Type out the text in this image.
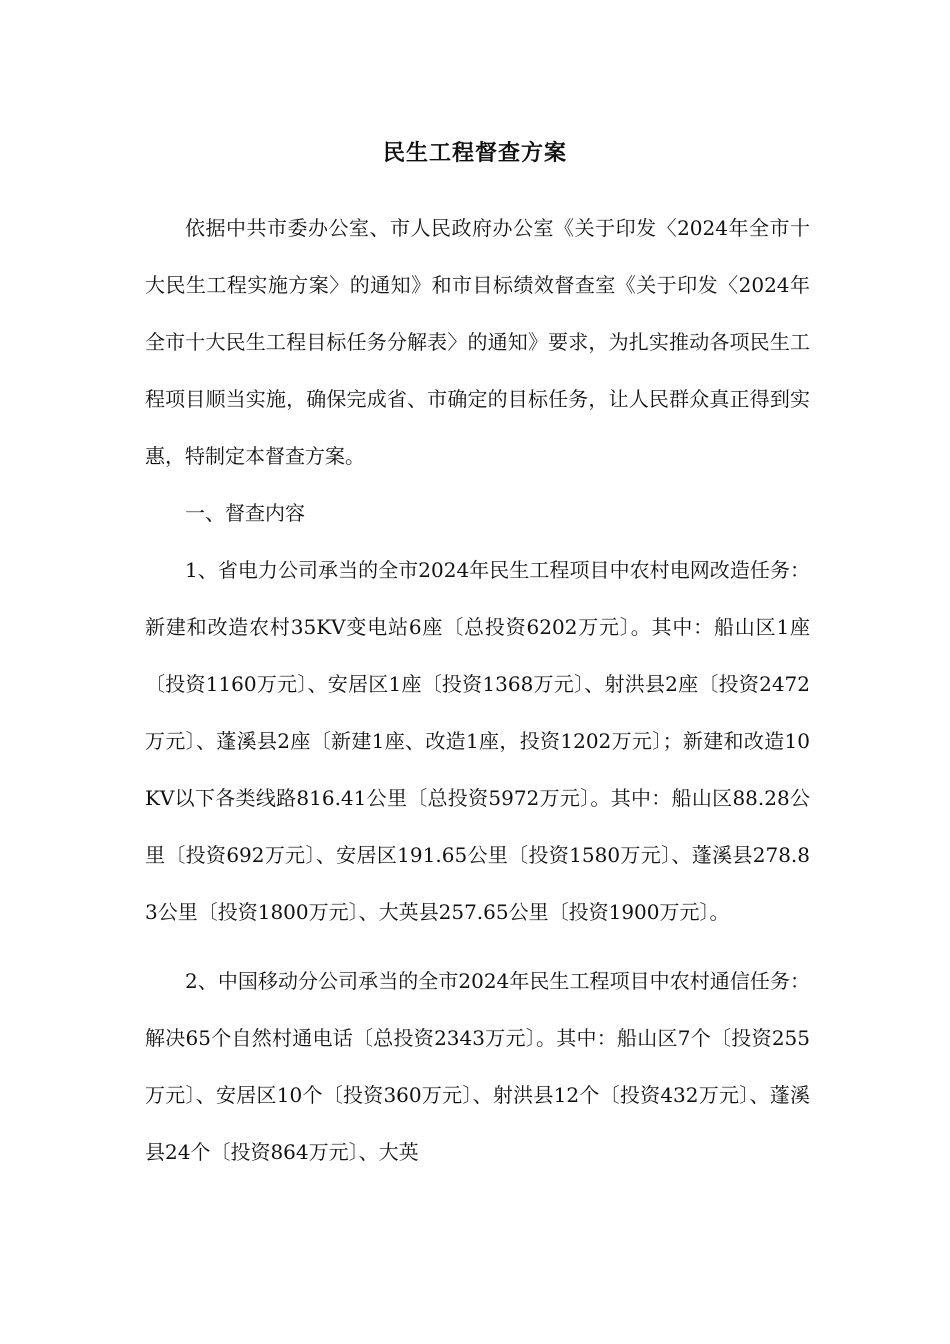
民生工程督查方案

依据中共市委办公室、市人民政府办公室《关于印发〈2024年全市十大民生工程实施方案〉的通知》和市目标绩效督查室《关于印发〈2024年全市十大民生工程目标任务分解表〉的通知》要求，为扎实推动各项民生工程项目顺当实施，确保完成省、市确定的目标任务，让人民群众真正得到实惠，特制定本督查方案。

一、督查内容

1、省电力公司承当的全市2024年民生工程项目中农村电网改造任务：新建和改造农村35KV变电站6座〔总投资6202万元〕。其中：船山区1座〔投资1160万元〕、安居区1座〔投资1368万元〕、射洪县2座〔投资2472万元〕、蓬溪县2座〔新建1座、改造1座，投资1202万元〕；新建和改造10KV以下各类线路816.41公里〔总投资5972万元〕。其中：船山区88.28公里〔投资692万元〕、安居区191.65公里〔投资1580万元〕、蓬溪县278.83公里〔投资1800万元〕、大英县257.65公里〔投资1900万元〕。

2、中国移动分公司承当的全市2024年民生工程项目中农村通信任务：解决65个自然村通电话〔总投资2343万元〕。其中：船山区7个〔投资255万元〕、安居区10个〔投资360万元〕、射洪县12个〔投资432万元〕、蓬溪县24个〔投资864万元〕、大英
